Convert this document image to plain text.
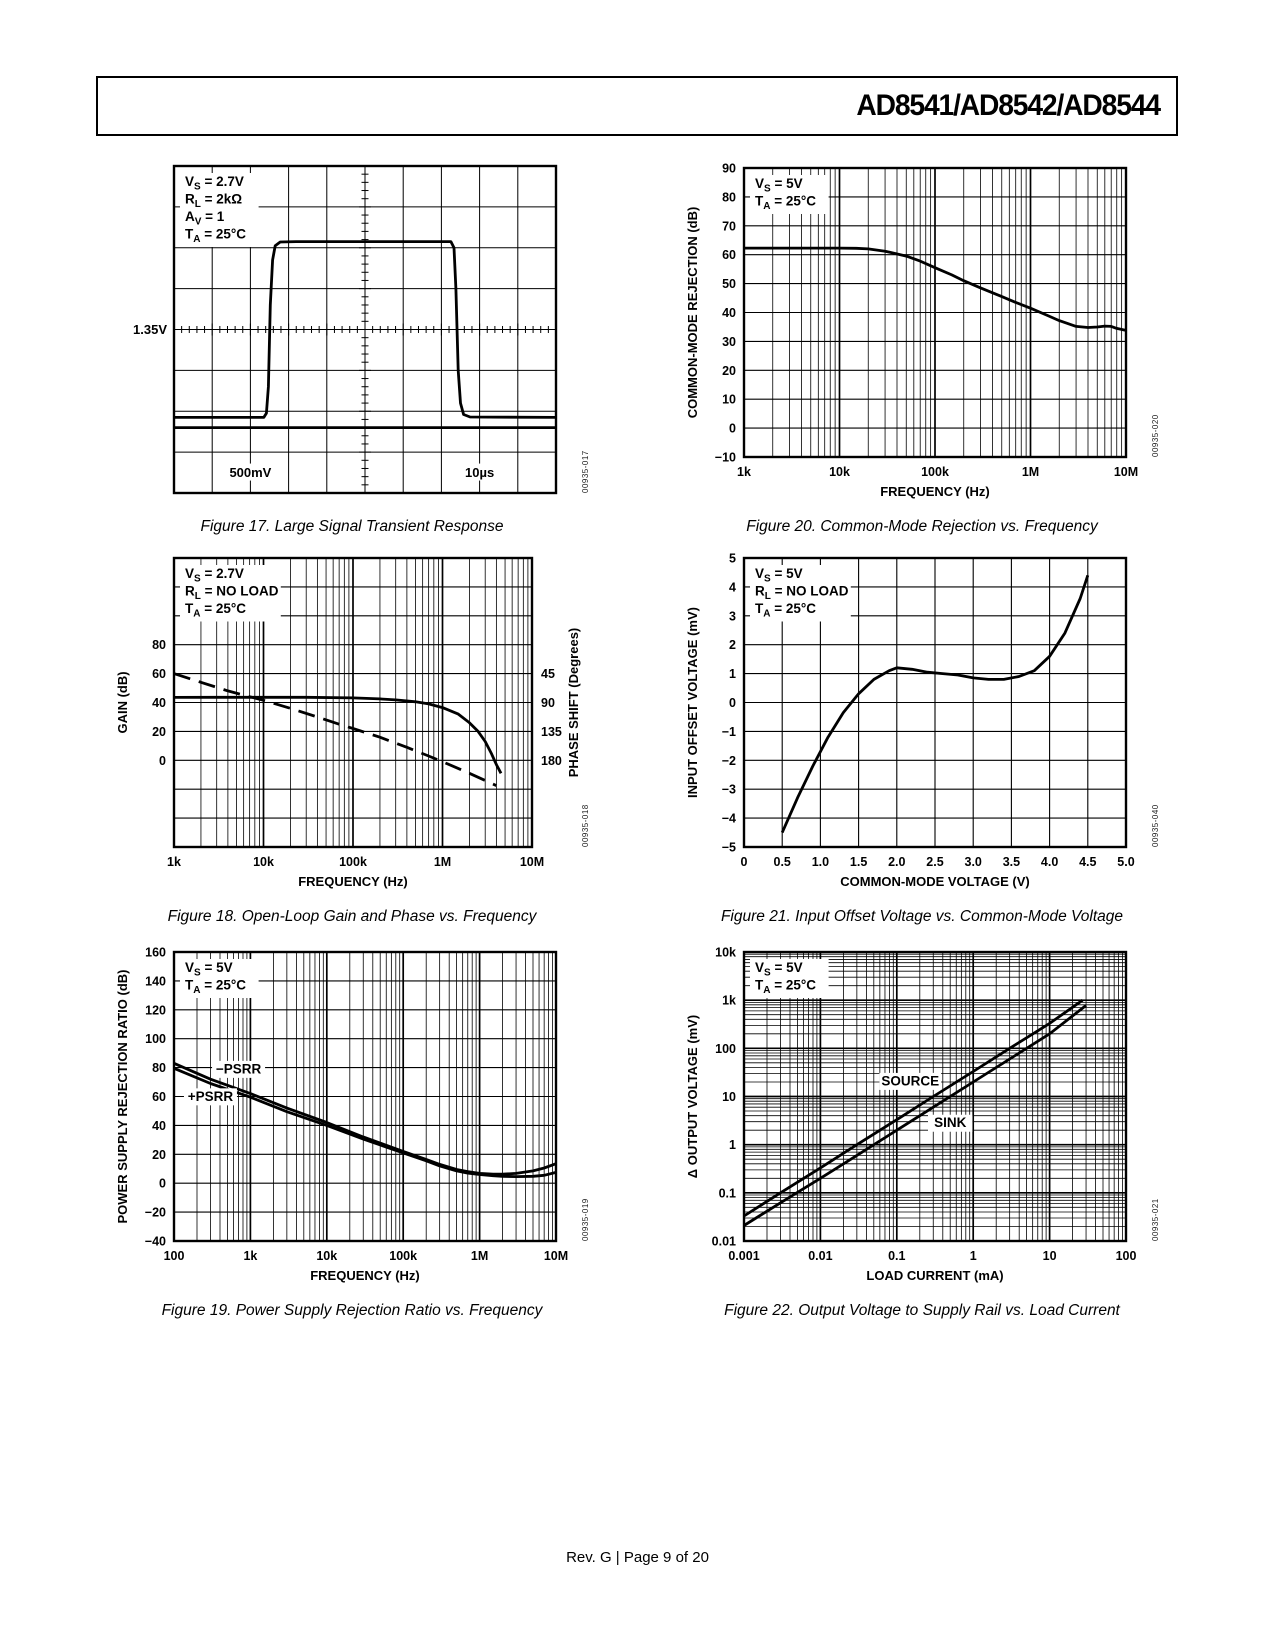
AD8541/AD8542/AD8544
$V_S = 2.7V$
$R_L = 2k\Omega$
$A_V = 1$
$T_A = 25^\circ C$
1.35V
500mV	10µs	00935-017
Figure 17. Large Signal Transient Response
$V_S = 5V$
$T_A = 25^\circ C$
1k	10k	100k	1M	10M
90
80
70
60
50
40
30
20
10
0
−10
FREQUENCY (Hz)
COMMON-MODE REJECTION (dB)
00935-020
Figure 20. Common-Mode Rejection vs. Frequency
$V_S = 2.7V$
$R_L$ = NO LOAD
$T_A = 25^\circ C$
1k	10k	100k	1M	10M
80
60
40
20
0
45
90
135
180
FREQUENCY (Hz)
GAIN (dB)	PHASE SHIFT (Degrees)
00935-018
Figure 18. Open-Loop Gain and Phase vs. Frequency
$V_S = 5V$
$R_L$ = NO LOAD
$T_A = 25^\circ C$
0 0.5 1.0 1.5 2.0 2.5 3.0 3.5 4.0 4.5 5.0
5
4
3
2
1
0
−1
−2
−3
−4
−5
COMMON-MODE VOLTAGE (V)
INPUT OFFSET VOLTAGE (mV)
00935-040
Figure 21. Input Offset Voltage vs. Common-Mode Voltage
$V_S = 5V$
$T_A = 25^\circ C$
−PSRR
+PSRR
100	1k	10k	100k	1M	10M
160
140
120
100
80
60
40
20
0
−20
−40
FREQUENCY (Hz)
POWER SUPPLY REJECTION RATIO (dB)	00935-019
Figure 19. Power Supply Rejection Ratio vs. Frequency
$V_S = 5V$
$T_A = 25^\circ C$
SOURCE
SINK
0.001	0.01	0.1	1	10	100
10k
1k
100
10
1
0.1
0.01
LOAD CURRENT (mA)
Δ OUTPUT VOLTAGE (mV)
00935-021
Figure 22. Output Voltage to Supply Rail vs. Load Current
Rev. G | Page 9 of 20
